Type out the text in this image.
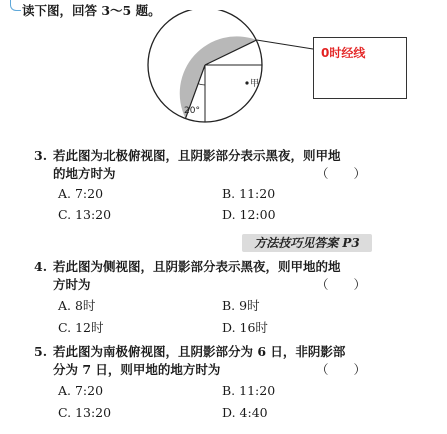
读下图，回答 3～5 题。
甲
20°
0时经线
3. 若此图为北极俯视图，且阴影部分表示黑夜，则甲地
的地方时为	（　　）
A. 7:20	B. 11:20
C. 13:20	D. 12:00
方法技巧见答案 P3
4. 若此图为侧视图，且阴影部分表示黑夜，则甲地的地
方时为	（　　）
A. 8时	B. 9时
C. 12时	D. 16时
5. 若此图为南极俯视图，且阴影部分为 6 日，非阴影部
分为 7 日，则甲地的地方时为	（　　）
A. 7:20	B. 11:20
C. 13:20	D. 4:40
